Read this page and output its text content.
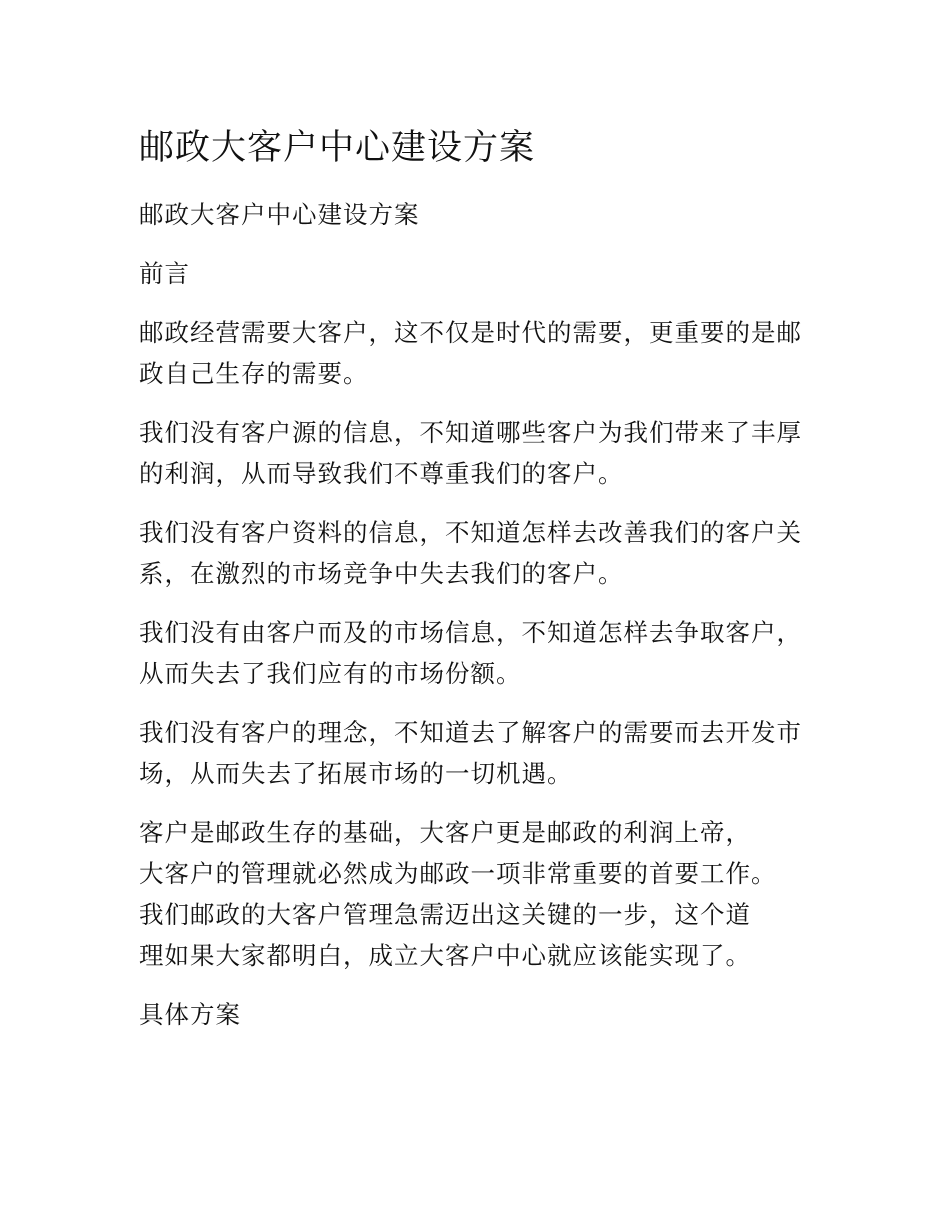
邮政大客户中心建设方案

邮政大客户中心建设方案

前言

邮政经营需要大客户，这不仅是时代的需要，更重要的是邮政自己生存的需要。

我们没有客户源的信息，不知道哪些客户为我们带来了丰厚的利润，从而导致我们不尊重我们的客户。

我们没有客户资料的信息，不知道怎样去改善我们的客户关系，在激烈的市场竞争中失去我们的客户。

我们没有由客户而及的市场信息，不知道怎样去争取客户，从而失去了我们应有的市场份额。

我们没有客户的理念，不知道去了解客户的需要而去开发市场，从而失去了拓展市场的一切机遇。

客户是邮政生存的基础，大客户更是邮政的利润上帝，
大客户的管理就必然成为邮政一项非常重要的首要工作。
我们邮政的大客户管理急需迈出这关键的一步，这个道
理如果大家都明白，成立大客户中心就应该能实现了。

具体方案
